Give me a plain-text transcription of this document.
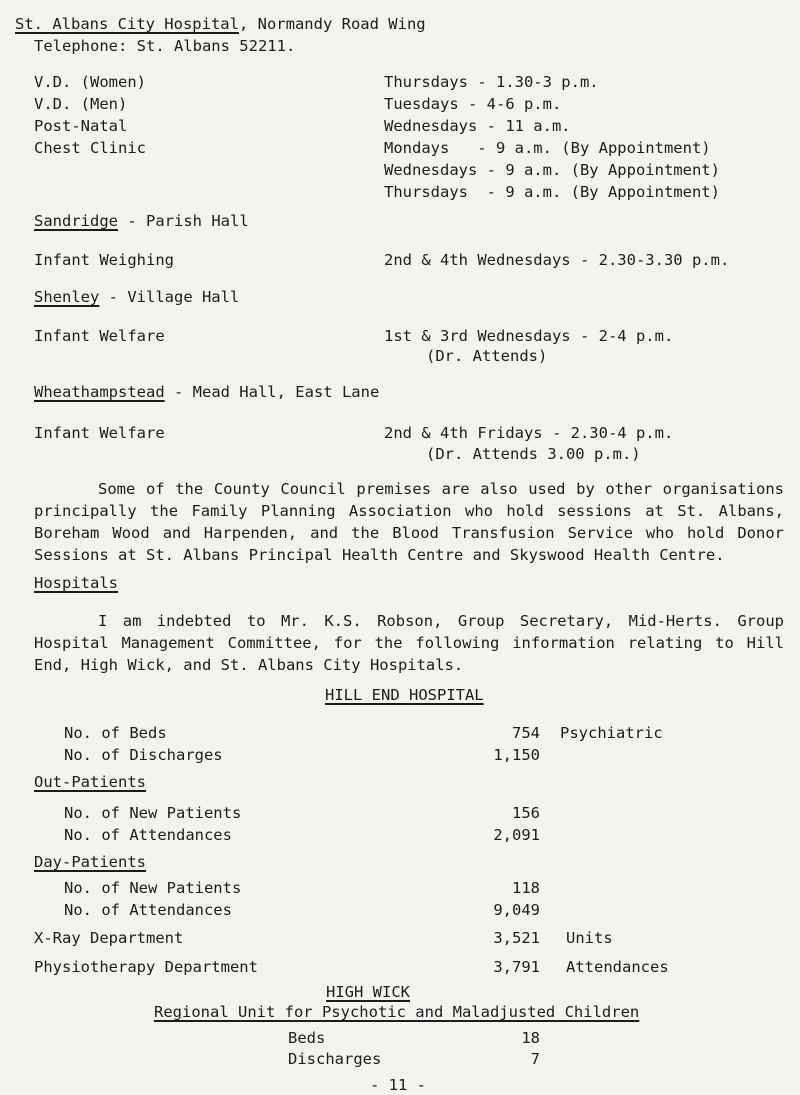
St. Albans City Hospital, Normandy Road Wing
Telephone: St. Albans 52211.
V.D. (Women)	Thursdays - 1.30-3 p.m.
V.D. (Men)	Tuesdays - 4-6 p.m.
Post-Natal	Wednesdays - 11 a.m.
Chest Clinic	Mondays   - 9 a.m. (By Appointment)
Wednesdays - 9 a.m. (By Appointment)
Thursdays  - 9 a.m. (By Appointment)
Sandridge - Parish Hall
Infant Weighing	2nd & 4th Wednesdays - 2.30-3.30 p.m.
Shenley - Village Hall
Infant Welfare	1st & 3rd Wednesdays - 2-4 p.m.
(Dr. Attends)
Wheathampstead - Mead Hall, East Lane
Infant Welfare	2nd & 4th Fridays - 2.30-4 p.m.
(Dr. Attends 3.00 p.m.)
Some of the County Council premises are also used by other organisations principally the Family Planning Association who hold sessions at St. Albans, Boreham Wood and Harpenden, and the Blood Transfusion Service who hold Donor Sessions at St. Albans Principal Health Centre and Skyswood Health Centre.
Hospitals
I am indebted to Mr. K.S. Robson, Group Secretary, Mid-Herts. Group Hospital Management Committee, for the following information relating to Hill End, High Wick, and St. Albans City Hospitals.
HILL END HOSPITAL
No. of Beds	754 Psychiatric
No. of Discharges	1,150
Out-Patients
No. of New Patients	156
No. of Attendances	2,091
Day-Patients
No. of New Patients	118
No. of Attendances	9,049
X-Ray Department	3,521 Units
Physiotherapy Department	3,791 Attendances
HIGH WICK
Regional Unit for Psychotic and Maladjusted Children
Beds	18
Discharges	7
- 11 -
